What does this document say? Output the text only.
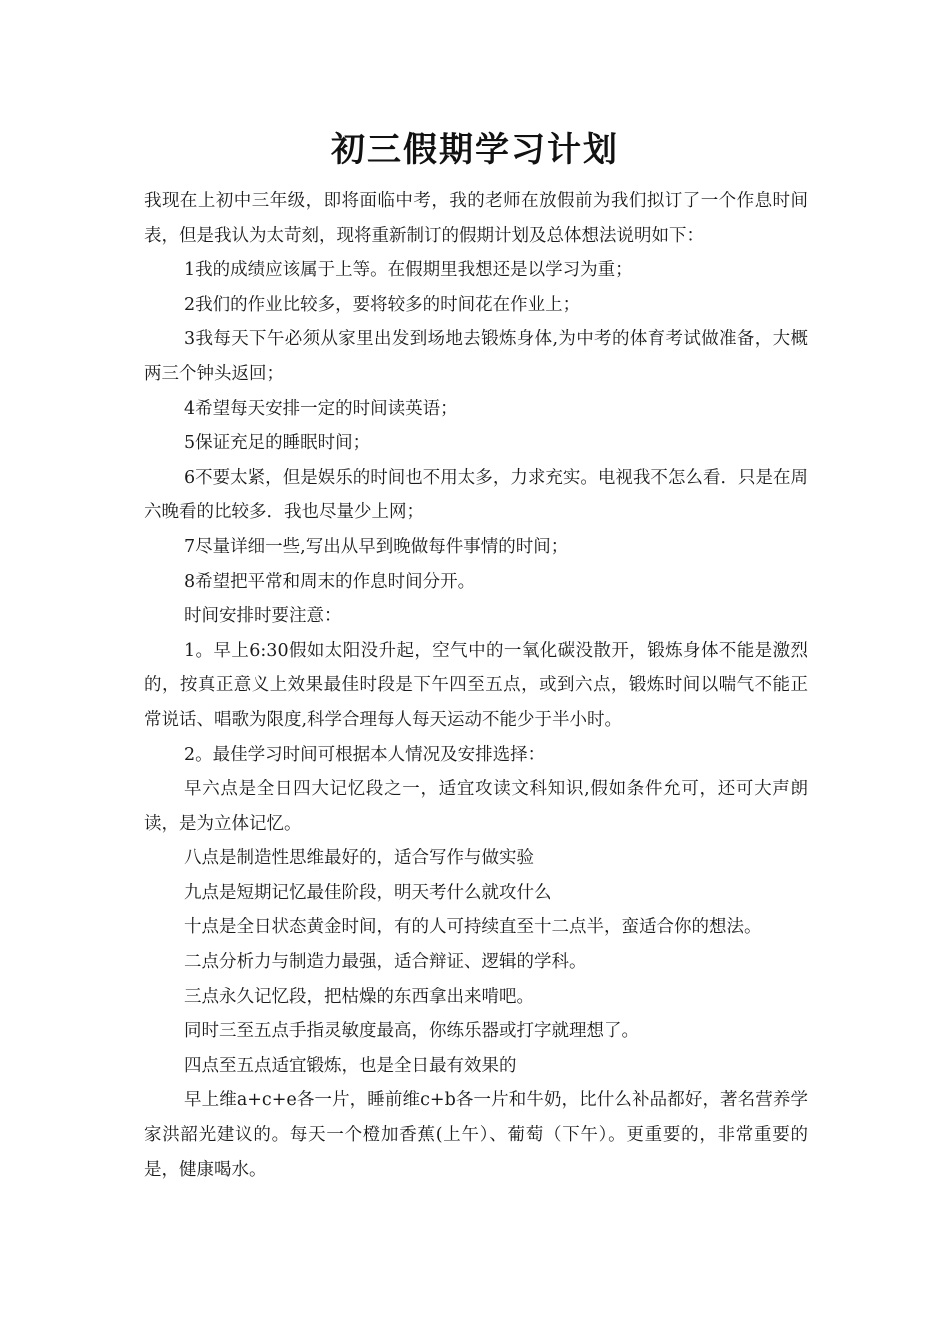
初三假期学习计划

我现在上初中三年级，即将面临中考，我的老师在放假前为我们拟订了一个作息时间表，但是我认为太苛刻，现将重新制订的假期计划及总体想法说明如下：

1我的成绩应该属于上等。在假期里我想还是以学习为重；

2我们的作业比较多，要将较多的时间花在作业上；

3我每天下午必须从家里出发到场地去锻炼身体,为中考的体育考试做准备，大概两三个钟头返回；

4希望每天安排一定的时间读英语；

5保证充足的睡眠时间；

6不要太紧，但是娱乐的时间也不用太多，力求充实。电视我不怎么看．只是在周六晚看的比较多．我也尽量少上网；

7尽量详细一些,写出从早到晚做每件事情的时间；

8希望把平常和周末的作息时间分开。

时间安排时要注意：

1。早上6:30假如太阳没升起，空气中的一氧化碳没散开，锻炼身体不能是激烈的，按真正意义上效果最佳时段是下午四至五点，或到六点，锻炼时间以喘气不能正常说话、唱歌为限度,科学合理每人每天运动不能少于半小时。

2。最佳学习时间可根据本人情况及安排选择：

早六点是全日四大记忆段之一，适宜攻读文科知识,假如条件允可，还可大声朗读，是为立体记忆。

八点是制造性思维最好的，适合写作与做实验

九点是短期记忆最佳阶段，明天考什么就攻什么

十点是全日状态黄金时间，有的人可持续直至十二点半，蛮适合你的想法。

二点分析力与制造力最强，适合辩证、逻辑的学科。

三点永久记忆段，把枯燥的东西拿出来啃吧。

同时三至五点手指灵敏度最高，你练乐器或打字就理想了。

四点至五点适宜锻炼，也是全日最有效果的

早上维a+c+e各一片，睡前维c+b各一片和牛奶，比什么补品都好，著名营养学家洪韶光建议的。每天一个橙加香蕉(上午）、葡萄（下午）。更重要的，非常重要的是，健康喝水。
